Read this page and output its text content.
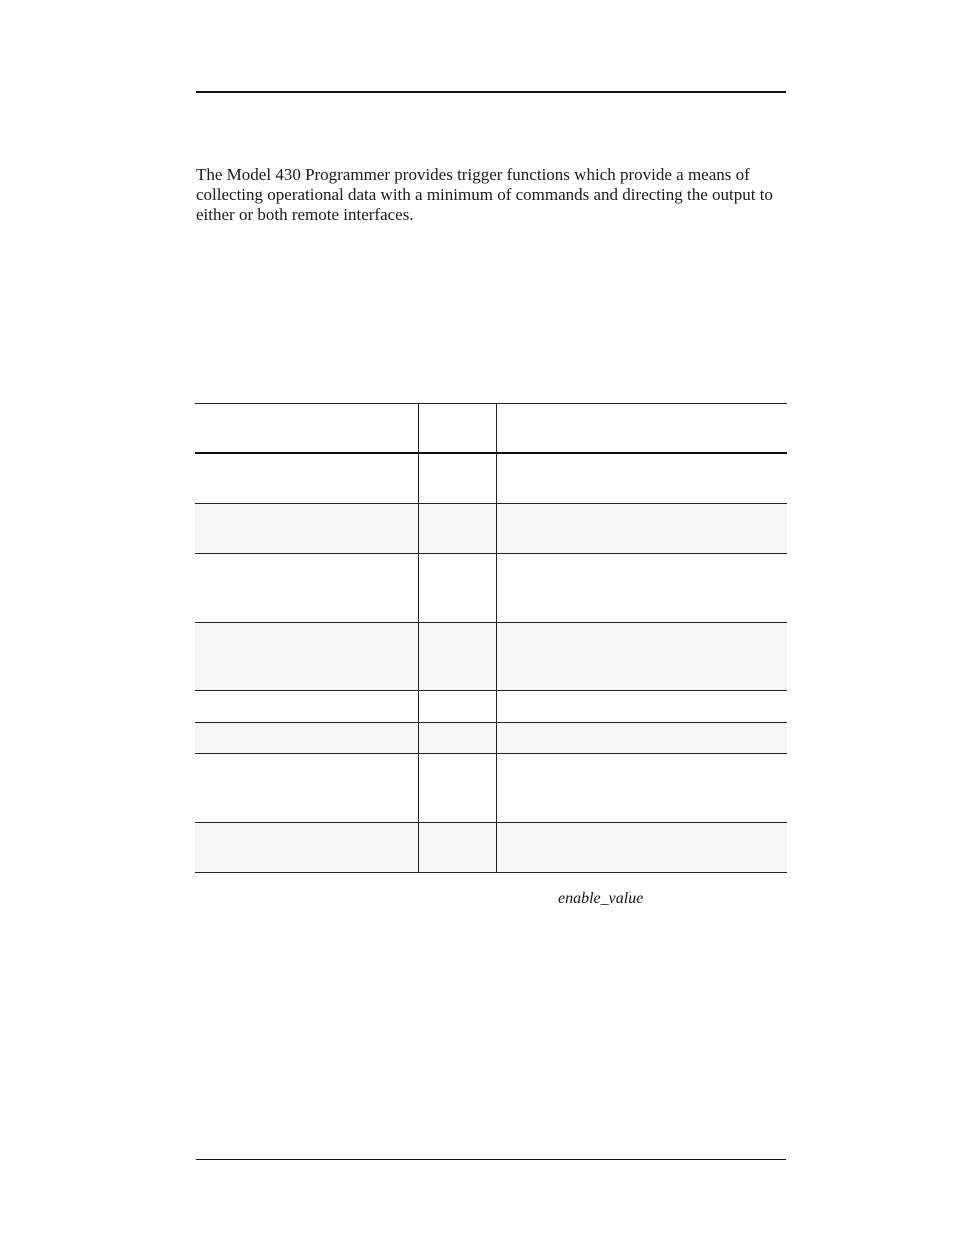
The Model 430 Programmer provides trigger functions which provide a means of collecting operational data with a minimum of commands and directing the output to either or both remote interfaces.

enable_value
